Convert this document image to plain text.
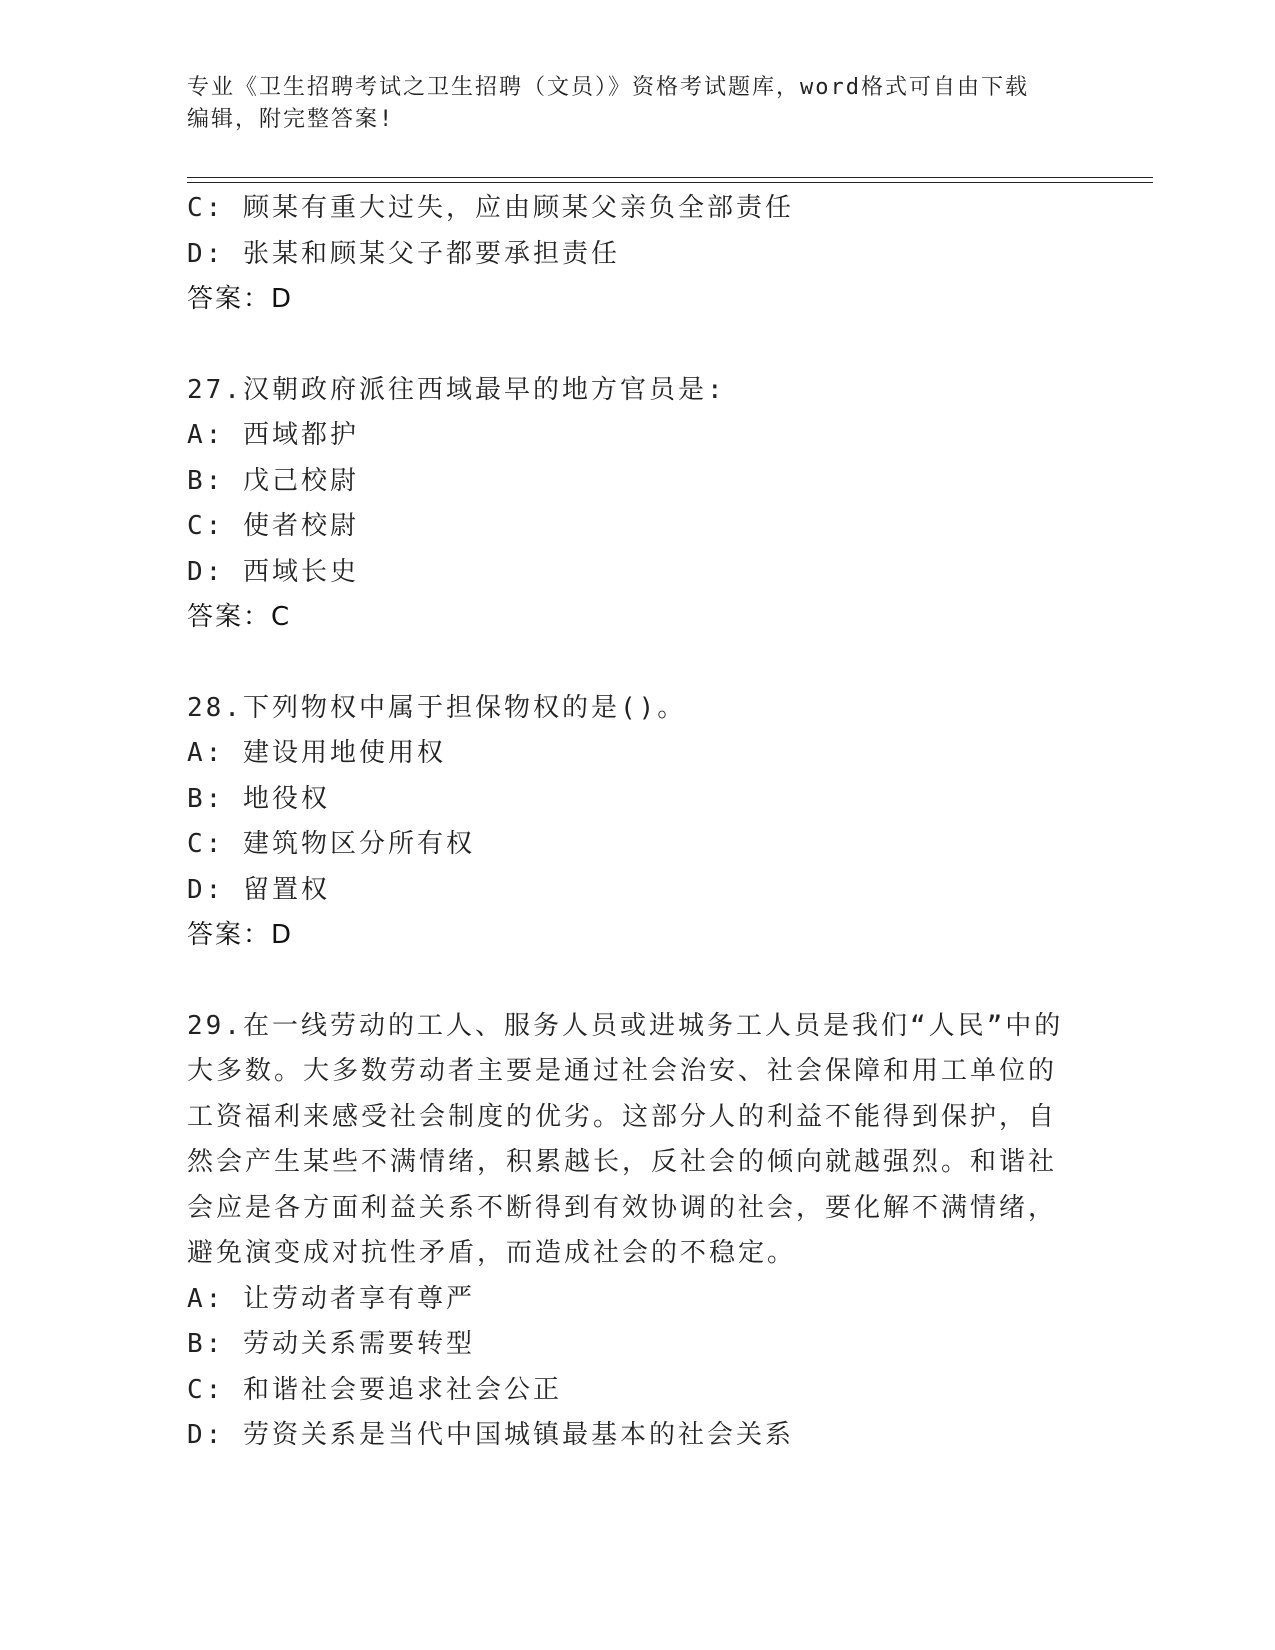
专业《卫生招聘考试之卫生招聘（文员）》资格考试题库，word格式可自由下载
编辑，附完整答案!
C: 顾某有重大过失，应由顾某父亲负全部责任
D: 张某和顾某父子都要承担责任
答案：D
27.汉朝政府派往西域最早的地方官员是:
A: 西域都护
B: 戊己校尉
C: 使者校尉
D: 西域长史
答案：C
28.下列物权中属于担保物权的是()。
A: 建设用地使用权
B: 地役权
C: 建筑物区分所有权
D: 留置权
答案：D
29.在一线劳动的工人、服务人员或进城务工人员是我们“人民”中的
大多数。大多数劳动者主要是通过社会治安、社会保障和用工单位的
工资福利来感受社会制度的优劣。这部分人的利益不能得到保护，自
然会产生某些不满情绪，积累越长，反社会的倾向就越强烈。和谐社
会应是各方面利益关系不断得到有效协调的社会，要化解不满情绪，
避免演变成对抗性矛盾，而造成社会的不稳定。
A: 让劳动者享有尊严
B: 劳动关系需要转型
C: 和谐社会要追求社会公正
D: 劳资关系是当代中国城镇最基本的社会关系
